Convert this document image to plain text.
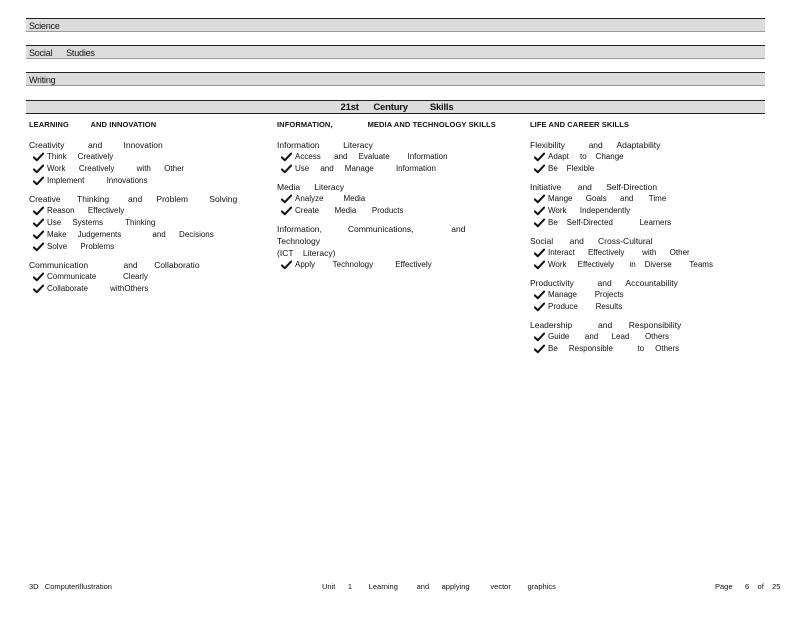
Science
Social      Studies
Writing
21st      Century         Skills
LEARNING          AND INNOVATION
Creativity          and         Innovation
Think     Creatively
Work      Creatively          with      Other
Implement          Innovations
Creative       Thinking        and      Problem         Solving
Reason      Effectively
Use     Systems          Thinking
Make     Judgements              and      Decisions
Solve      Problems
Communication               and       Collaboratio
Communicate            Clearly
Collaborate          withOthers
INFORMATION,                MEDIA AND TECHNOLOGY SKILLS
Information          Literacy
Access      and     Evaluate        Information
Use     and     Manage          Information
Media      Literacy
Analyze         Media
Create       Media       Products
Information,           Communications,                and       Technology
(ICT    Literacy)
Apply        Technology          Effectively
LIFE AND CAREER SKILLS
Flexibility          and      Adaptability
Adapt     to    Change
Be    Flexible
Initiative       and      Self-Direction
Mange      Goals      and       Time
Work      Independently
Be    Self-Directed            Learners
Social       and      Cross-Cultural
Interact      Effectively        with      Other
Work     Effectively       in    Diverse        Teams
Productivity          and      Accountability
Manage        Projects
Produce        Results
Leadership           and       Responsibility
Guide       and      Lead       Others
Be     Responsible           to     Others
3D   ComputerIllustration	Unit      1        Learning         and      applying          vector        graphics	Page      6    of    25
